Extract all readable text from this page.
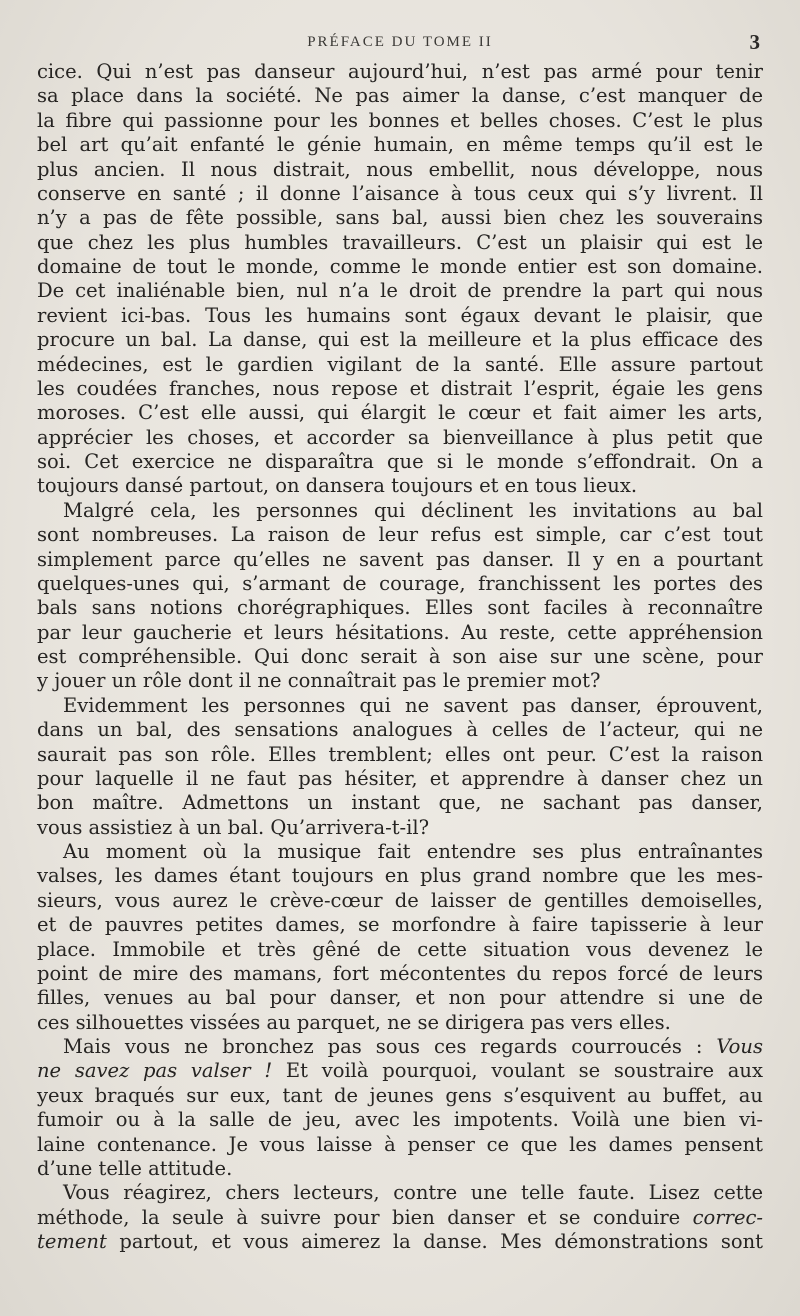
PRÉFACE DU TOME II	3
cice. Qui n’est pas danseur aujourd’hui, n’est pas armé pour tenir
sa place dans la société. Ne pas aimer la danse, c’est manquer de
la fibre qui passionne pour les bonnes et belles choses. C’est le plus
bel art qu’ait enfanté le génie humain, en même temps qu’il est le
plus ancien. Il nous distrait, nous embellit, nous développe, nous
conserve en santé ; il donne l’aisance à tous ceux qui s’y livrent. Il
n’y a pas de fête possible, sans bal, aussi bien chez les souverains
que chez les plus humbles travailleurs. C’est un plaisir qui est le
domaine de tout le monde, comme le monde entier est son domaine.
De cet inaliénable bien, nul n’a le droit de prendre la part qui nous
revient ici-bas. Tous les humains sont égaux devant le plaisir, que
procure un bal. La danse, qui est la meilleure et la plus efficace des
médecines, est le gardien vigilant de la santé. Elle assure partout
les coudées franches, nous repose et distrait l’esprit, égaie les gens
moroses. C’est elle aussi, qui élargit le cœur et fait aimer les arts,
apprécier les choses, et accorder sa bienveillance à plus petit que
soi. Cet exercice ne disparaîtra que si le monde s’effondrait. On a
toujours dansé partout, on dansera toujours et en tous lieux.
Malgré cela, les personnes qui déclinent les invitations au bal
sont nombreuses. La raison de leur refus est simple, car c’est tout
simplement parce qu’elles ne savent pas danser. Il y en a pourtant
quelques-unes qui, s’armant de courage, franchissent les portes des
bals sans notions chorégraphiques. Elles sont faciles à reconnaître
par leur gaucherie et leurs hésitations. Au reste, cette appréhension
est compréhensible. Qui donc serait à son aise sur une scène, pour
y jouer un rôle dont il ne connaîtrait pas le premier mot?
Evidemment les personnes qui ne savent pas danser, éprouvent,
dans un bal, des sensations analogues à celles de l’acteur, qui ne
saurait pas son rôle. Elles tremblent; elles ont peur. C’est la raison
pour laquelle il ne faut pas hésiter, et apprendre à danser chez un
bon maître. Admettons un instant que, ne sachant pas danser,
vous assistiez à un bal. Qu’arrivera-t-il?
Au moment où la musique fait entendre ses plus entraînantes
valses, les dames étant toujours en plus grand nombre que les mes-
sieurs, vous aurez le crève-cœur de laisser de gentilles demoiselles,
et de pauvres petites dames, se morfondre à faire tapisserie à leur
place. Immobile et très gêné de cette situation vous devenez le
point de mire des mamans, fort mécontentes du repos forcé de leurs
filles, venues au bal pour danser, et non pour attendre si une de
ces silhouettes vissées au parquet, ne se dirigera pas vers elles.
Mais vous ne bronchez pas sous ces regards courroucés : Vous
ne savez pas valser ! Et voilà pourquoi, voulant se soustraire aux
yeux braqués sur eux, tant de jeunes gens s’esquivent au buffet, au
fumoir ou à la salle de jeu, avec les impotents. Voilà une bien vi-
laine contenance. Je vous laisse à penser ce que les dames pensent
d’une telle attitude.
Vous réagirez, chers lecteurs, contre une telle faute. Lisez cette
méthode, la seule à suivre pour bien danser et se conduire correc-
tement partout, et vous aimerez la danse. Mes démonstrations sont
